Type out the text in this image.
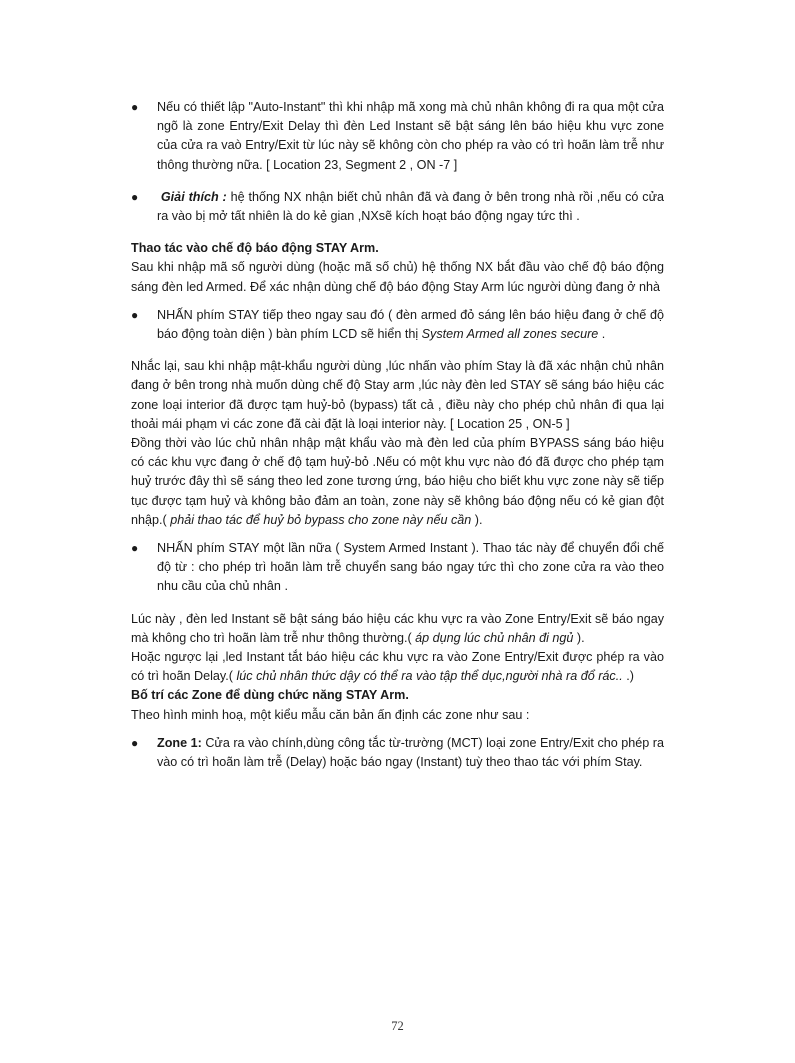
● Nếu có thiết lập "Auto-Instant" thì khi nhập mã xong mà chủ nhân không đi ra qua một cửa ngõ là zone Entry/Exit Delay thì đèn Led Instant sẽ bật sáng lên báo hiệu khu vực zone của cửa ra vaò Entry/Exit từ lúc này sẽ không còn cho phép ra vào có trì hoãn làm trễ như thông thường nữa. [ Location 23, Segment 2 , ON -7 ]
● Giải thích : hệ thống NX nhận biết chủ nhân đã và đang ở bên trong nhà rồi ,nếu có cửa ra vào bị mở tất nhiên là do kẻ gian ,NXsẽ kích hoạt báo động ngay tức thì .

Thao tác vào chế độ báo động STAY Arm.

Sau khi nhập mã số người dùng (hoặc mã số chủ) hệ thống NX bắt đầu vào chế độ báo động sáng đèn led Armed. Để xác nhận dùng chế độ báo động Stay Arm lúc người dùng đang ở nhà

● NHẤN phím STAY tiếp theo ngay sau đó ( đèn armed đỏ sáng lên báo hiệu đang ở chế độ báo động toàn diện ) bàn phím LCD sẽ hiển thị System Armed all zones secure .

Nhắc lại, sau khi nhập mật-khẩu người dùng ,lúc nhấn vào phím Stay là đã xác nhận chủ nhân đang ở bên trong nhà muốn dùng chế độ Stay arm ,lúc này đèn led STAY sẽ sáng báo hiệu các zone loại interior đã được tạm huỷ-bỏ (bypass) tất cả , điều này cho phép chủ nhân đi qua lại thoải mái phạm vi các zone đã cài đặt là loại interior này. [ Location 25 , ON-5 ]

Đồng thời vào lúc chủ nhân nhập mật khẩu vào mà đèn led của phím BYPASS sáng báo hiệu có các khu vực đang ở chế độ tạm huỷ-bỏ .Nếu có một khu vực nào đó đã được cho phép tạm huỷ trước đây thì sẽ sáng theo led zone tương ứng, báo hiệu cho biết khu vực zone này sẽ tiếp tục được tạm huỷ và không bảo đảm an toàn, zone này sẽ không báo động nếu có kẻ gian đột nhập.( phải thao tác để huỷ bỏ bypass cho zone này nếu cần ).

● NHẤN phím STAY một lần nữa ( System Armed Instant ). Thao tác này để chuyển đổi chế độ từ : cho phép trì hoãn làm trễ chuyển sang báo ngay tức thì cho zone cửa ra vào theo nhu cầu của chủ nhân .

Lúc này , đèn led Instant sẽ bật sáng báo hiệu các khu vực ra vào Zone Entry/Exit sẽ báo ngay mà không cho trì hoãn làm trễ như thông thường.( áp dụng lúc chủ nhân đi ngủ ).

Hoặc ngược lại ,led Instant tắt báo hiệu các khu vực ra vào Zone Entry/Exit được phép ra vào có trì hoãn Delay.( lúc chủ nhân thức dậy có thể ra vào tập thể dục,người nhà ra đổ rác.. .)

Bố trí các Zone để dùng chức năng STAY Arm.

Theo hình minh hoạ, một kiểu mẫu căn bản ấn định các zone như sau :

● Zone 1: Cửa ra vào chính,dùng công tắc từ-trường (MCT) loại zone Entry/Exit cho phép ra vào có trì hoãn làm trễ (Delay) hoặc báo ngay (Instant) tuỳ theo thao tác với phím Stay.
72
